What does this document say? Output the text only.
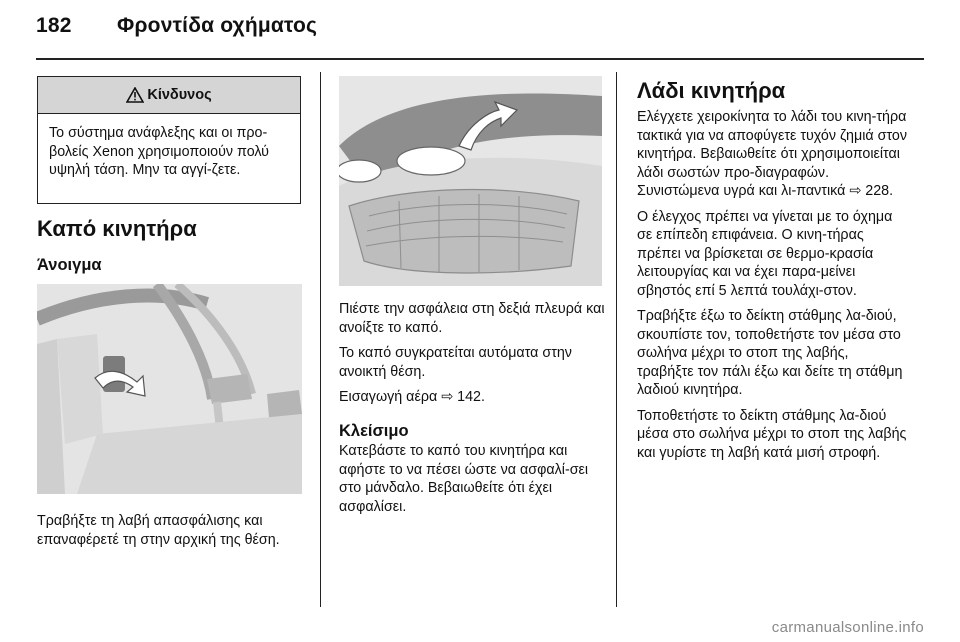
182 Φροντίδα οχήματος
Κίνδυνος
Το σύστημα ανάφλεξης και οι προ-βολείς Xenon χρησιμοποιούν πολύ υψηλή τάση. Μην τα αγγί-ζετε.
Καπό κινητήρα
Άνοιγμα

Τραβήξτε τη λαβή απασφάλισης και επαναφέρετέ τη στην αρχική της θέση.

Πιέστε την ασφάλεια στη δεξιά πλευρά και ανοίξτε το καπό.

Το καπό συγκρατείται αυτόματα στην ανοικτή θέση.

Εισαγωγή αέρα ⇨ 142.

Κλείσιμο

Κατεβάστε το καπό του κινητήρα και αφήστε το να πέσει ώστε να ασφαλί-σει στο μάνδαλο. Βεβαιωθείτε ότι έχει ασφαλίσει.

Λάδι κινητήρα

Ελέγχετε χειροκίνητα το λάδι του κινη-τήρα τακτικά για να αποφύγετε τυχόν ζημιά στον κινητήρα. Βεβαιωθείτε ότι χρησιμοποιείται λάδι σωστών προ-διαγραφών. Συνιστώμενα υγρά και λι-παντικά ⇨ 228.

Ο έλεγχος πρέπει να γίνεται με το όχημα σε επίπεδη επιφάνεια. Ο κινη-τήρας πρέπει να βρίσκεται σε θερμο-κρασία λειτουργίας και να έχει παρα-μείνει σβηστός επί 5 λεπτά τουλάχι-στον.

Τραβήξτε έξω το δείκτη στάθμης λα-διού, σκουπίστε τον, τοποθετήστε τον μέσα στο σωλήνα μέχρι το στοπ της λαβής, τραβήξτε τον πάλι έξω και δείτε τη στάθμη λαδιού κινητήρα.

Τοποθετήστε το δείκτη στάθμης λα-διού μέσα στο σωλήνα μέχρι το στοπ της λαβής και γυρίστε τη λαβή κατά μισή στροφή.

carmanualsonline.info
